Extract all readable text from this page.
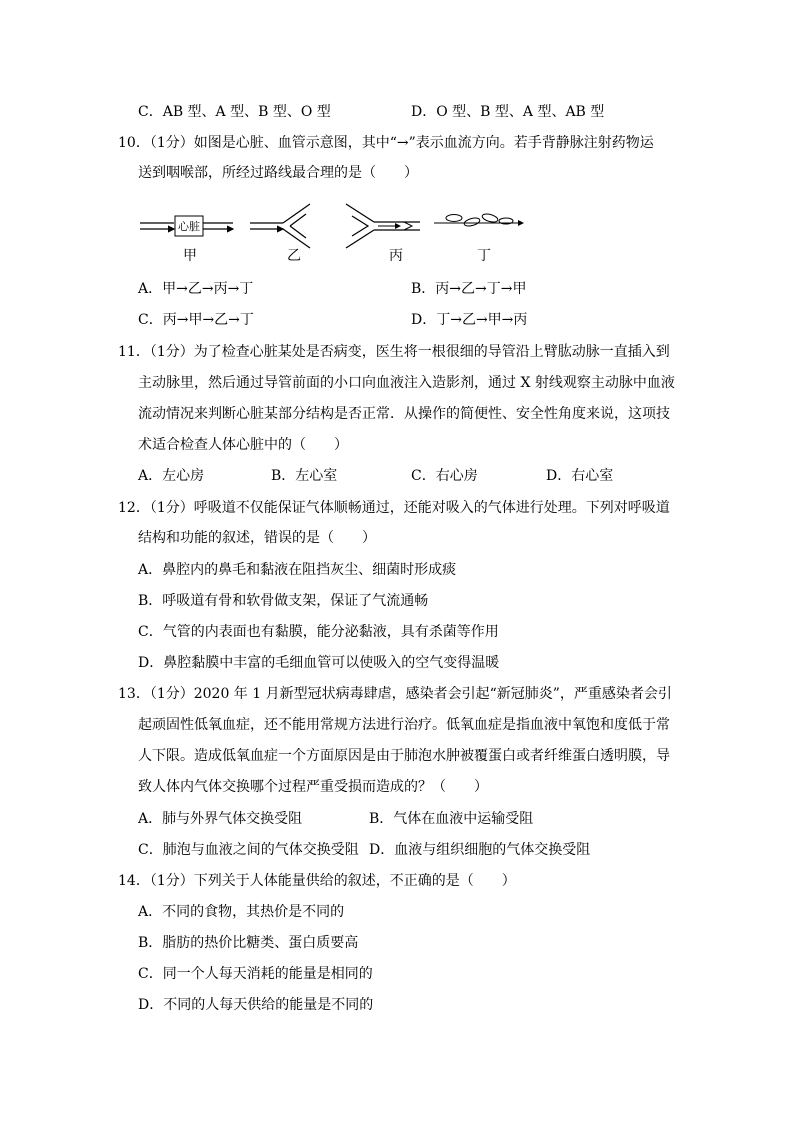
C．AB 型、A 型、B 型、O 型	D．O 型、B 型、A 型、AB 型
10．（1分）如图是心脏、血管示意图，其中“→”表示血流方向。若手背静脉注射药物运
送到咽喉部，所经过路线最合理的是（　　）
心脏
甲	乙	丙	丁
A．甲→乙→丙→丁	B．丙→乙→丁→甲
C．丙→甲→乙→丁	D．丁→乙→甲→丙
11．（1分）为了检查心脏某处是否病变，医生将一根很细的导管沿上臂肱动脉一直插入到
主动脉里，然后通过导管前面的小口向血液注入造影剂，通过 X 射线观察主动脉中血液
流动情况来判断心脏某部分结构是否正常．从操作的简便性、安全性角度来说，这项技
术适合检查人体心脏中的（　　）
A．左心房	B．左心室	C．右心房	D．右心室
12．（1分）呼吸道不仅能保证气体顺畅通过，还能对吸入的气体进行处理。下列对呼吸道
结构和功能的叙述，错误的是（　　）
A．鼻腔内的鼻毛和黏液在阻挡灰尘、细菌时形成痰
B．呼吸道有骨和软骨做支架，保证了气流通畅
C．气管的内表面也有黏膜，能分泌黏液，具有杀菌等作用
D．鼻腔黏膜中丰富的毛细血管可以使吸入的空气变得温暖
13．（1分）2020 年 1 月新型冠状病毒肆虐，感染者会引起“新冠肺炎”，严重感染者会引
起顽固性低氧血症，还不能用常规方法进行治疗。低氧血症是指血液中氧饱和度低于常
人下限。造成低氧血症一个方面原因是由于肺泡水肿被覆蛋白或者纤维蛋白透明膜，导
致人体内气体交换哪个过程严重受损而造成的？（　　）
A．肺与外界气体交换受阻	B．气体在血液中运输受阻
C．肺泡与血液之间的气体交换受阻 D．血液与组织细胞的气体交换受阻
14．（1分）下列关于人体能量供给的叙述，不正确的是（　　）
A．不同的食物，其热价是不同的
B．脂肪的热价比糖类、蛋白质要高
C．同一个人每天消耗的能量是相同的
D．不同的人每天供给的能量是不同的
